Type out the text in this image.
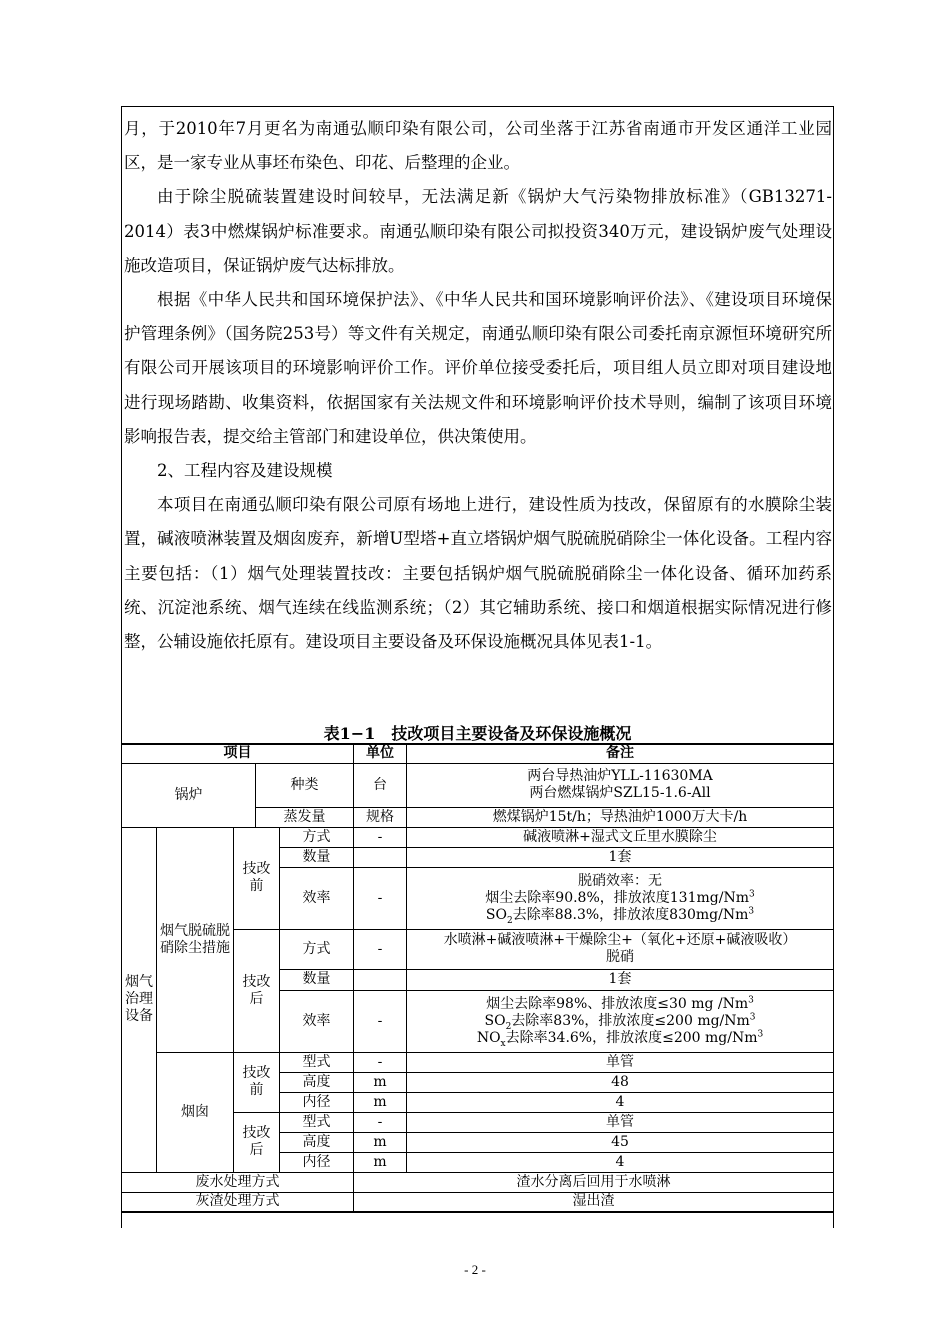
月，于2010年7月更名为南通弘顺印染有限公司，公司坐落于江苏省南通市开发区通洋工业园区，是一家专业从事坯布染色、印花、后整理的企业。

由于除尘脱硫装置建设时间较早，无法满足新《锅炉大气污染物排放标准》（GB13271-2014）表3中燃煤锅炉标准要求。南通弘顺印染有限公司拟投资340万元，建设锅炉废气处理设施改造项目，保证锅炉废气达标排放。

根据《中华人民共和国环境保护法》、《中华人民共和国环境影响评价法》、《建设项目环境保护管理条例》（国务院253号）等文件有关规定，南通弘顺印染有限公司委托南京源恒环境研究所有限公司开展该项目的环境影响评价工作。评价单位接受委托后，项目组人员立即对项目建设地进行现场踏勘、收集资料，依据国家有关法规文件和环境影响评价技术导则，编制了该项目环境影响报告表，提交给主管部门和建设单位，供决策使用。

2、工程内容及建设规模

本项目在南通弘顺印染有限公司原有场地上进行，建设性质为技改，保留原有的水膜除尘装置，碱液喷淋装置及烟囱废弃，新增U型塔+直立塔锅炉烟气脱硫脱硝除尘一体化设备。工程内容主要包括：（1）烟气处理装置技改：主要包括锅炉烟气脱硫脱硝除尘一体化设备、循环加药系统、沉淀池系统、烟气连续在线监测系统；（2）其它辅助系统、接口和烟道根据实际情况进行修整，公辅设施依托原有。建设项目主要设备及环保设施概况具体见表1-1。

表1−1　技改项目主要设备及环保设施概况
项目					单位	备注
锅炉			种类		台	两台导热油炉YLL-11630MA
两台燃煤锅炉SZL15-1.6-All
			蒸发量		规格	燃煤锅炉15t/h；导热油炉1000万大卡/h
烟气治理设备	烟气脱硫脱硝除尘措施	技改前		方式	-	碱液喷淋+湿式文丘里水膜除尘
				数量		1套
				效率	-	脱硝效率：无
烟尘去除率90.8%，排放浓度131mg/Nm$^3$
$SO_2$去除率88.3%，排放浓度830mg/Nm$^3$
		技改后		方式	-	水喷淋+碱液喷淋+干燥除尘+（氧化+还原+碱液吸收）
脱硝
				数量		1套
				效率	-	烟尘去除率98%、排放浓度≤30 mg /Nm$^3$
$SO_2$去除率83%，排放浓度≤200 mg/Nm$^3$
$NO_x$去除率34.6%，排放浓度≤200 mg/Nm$^3$
	烟囱	技改前		型式	-	单管
				高度	m	48
				内径	m	4
		技改后		型式	-	单管
				高度	m	45
				内径	m	4
废水处理方式					渣水分离后回用于水喷淋	
灰渣处理方式					湿出渣	
- 2 -
